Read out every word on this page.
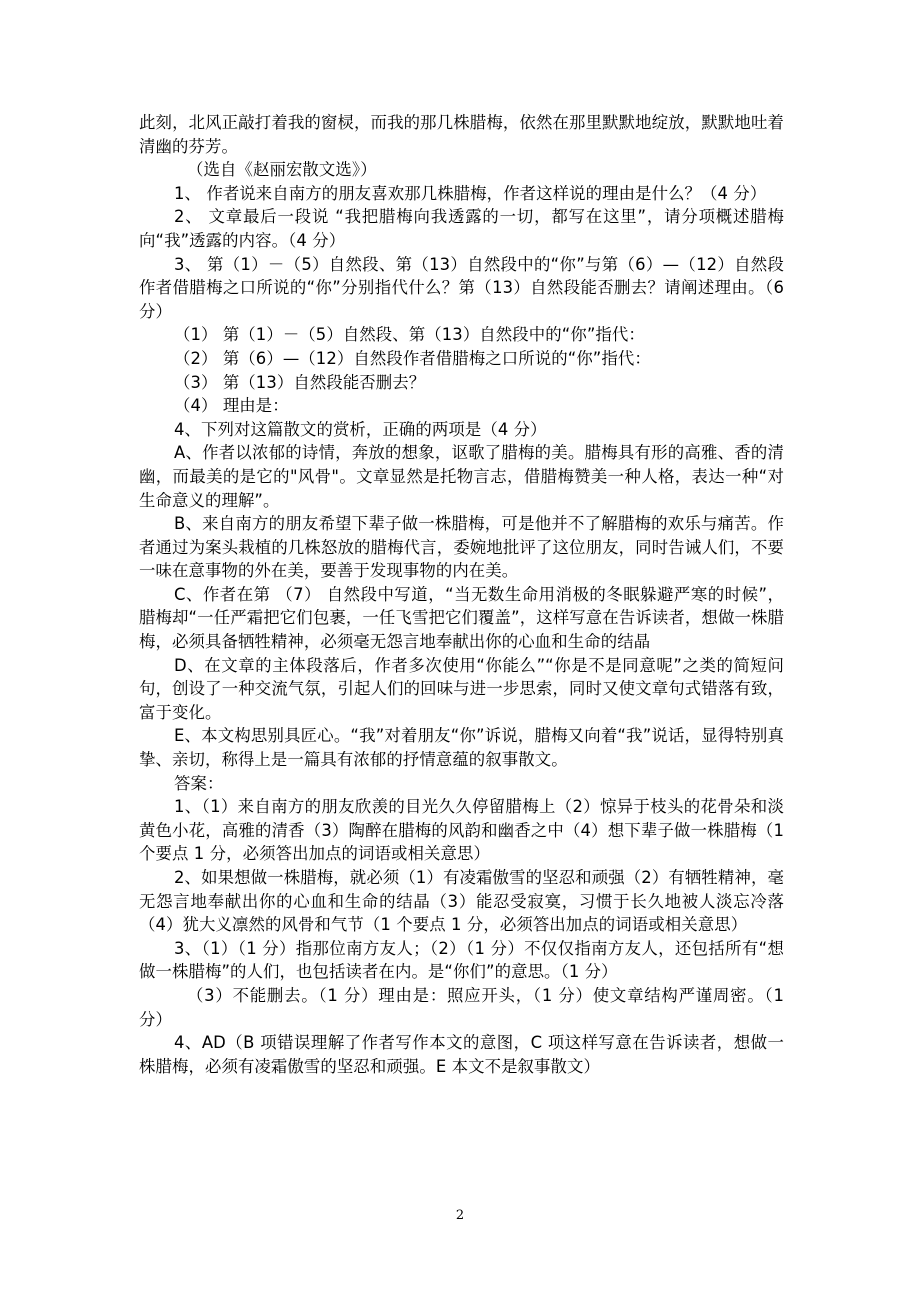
此刻，北风正敲打着我的窗棂，而我的那几株腊梅，依然在那里默默地绽放，默默地吐着清幽的芬芳。

（选自《赵丽宏散文选》）

1、 作者说来自南方的朋友喜欢那几株腊梅，作者这样说的理由是什么？（4 分）

2、 文章最后一段说 “我把腊梅向我透露的一切，都写在这里”，请分项概述腊梅向“我”透露的内容。（4 分）

3、 第（1）－（5）自然段、第（13）自然段中的“你”与第（6）—（12）自然段作者借腊梅之口所说的“你”分别指代什么？第（13）自然段能否删去？请阐述理由。（6 分）

（1） 第（1）－（5）自然段、第（13）自然段中的“你”指代：

（2） 第（6）—（12）自然段作者借腊梅之口所说的“你”指代：

（3） 第（13）自然段能否删去？

（4） 理由是：

4、下列对这篇散文的赏析，正确的两项是（4 分）

A、作者以浓郁的诗情，奔放的想象，讴歌了腊梅的美。腊梅具有形的高雅、香的清幽，而最美的是它的"风骨"。文章显然是托物言志，借腊梅赞美一种人格，表达一种“对生命意义的理解”。

B、来自南方的朋友希望下辈子做一株腊梅，可是他并不了解腊梅的欢乐与痛苦。作者通过为案头栽植的几株怒放的腊梅代言，委婉地批评了这位朋友，同时告诫人们，不要一味在意事物的外在美，要善于发现事物的内在美。

C、作者在第 （7） 自然段中写道，“当无数生命用消极的冬眠躲避严寒的时候”，腊梅却“一任严霜把它们包裹，一任飞雪把它们覆盖”，这样写意在告诉读者，想做一株腊梅，必须具备牺牲精神，必须毫无怨言地奉献出你的心血和生命的结晶

D、在文章的主体段落后，作者多次使用“你能么”“你是不是同意呢”之类的简短问句，创设了一种交流气氛，引起人们的回味与进一步思索，同时又使文章句式错落有致，富于变化。

E、本文构思别具匠心。“我”对着朋友“你”诉说，腊梅又向着“我”说话，显得特别真挚、亲切，称得上是一篇具有浓郁的抒情意蕴的叙事散文。

答案：

1、（1）来自南方的朋友欣羡的目光久久停留腊梅上（2）惊异于枝头的花骨朵和淡黄色小花，高雅的清香（3）陶醉在腊梅的风韵和幽香之中（4）想下辈子做一株腊梅（1 个要点 1 分，必须答出加点的词语或相关意思）

2、如果想做一株腊梅，就必须（1）有凌霜傲雪的坚忍和顽强（2）有牺牲精神，毫无怨言地奉献出你的心血和生命的结晶（3）能忍受寂寞，习惯于长久地被人淡忘冷落（4）犹大义凛然的风骨和气节（1 个要点 1 分，必须答出加点的词语或相关意思）

3、（1）（1 分）指那位南方友人；（2）（1 分）不仅仅指南方友人，还包括所有“想做一株腊梅”的人们，也包括读者在内。是“你们”的意思。（1 分）

（3）不能删去。（1 分）理由是：照应开头，（1 分）使文章结构严谨周密。（1 分）

4、AD（B 项错误理解了作者写作本文的意图，C 项这样写意在告诉读者，想做一株腊梅，必须有凌霜傲雪的坚忍和顽强。E 本文不是叙事散文）

2
